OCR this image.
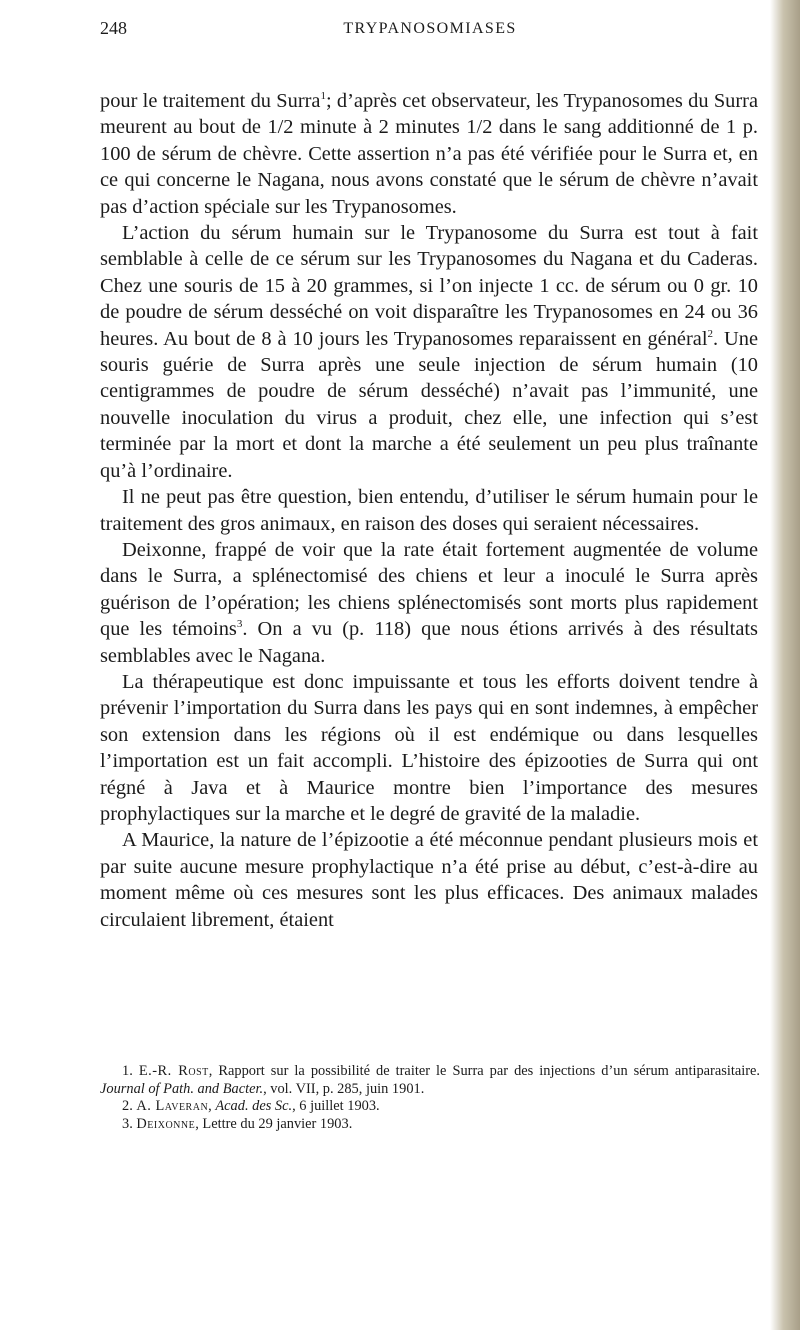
248	TRYPANOSOMIASES

pour le traitement du Surra$^1$; d’après cet observateur, les Trypanosomes du Surra meurent au bout de 1/2 minute à 2 minutes 1/2 dans le sang additionné de 1 p. 100 de sérum de chèvre. Cette assertion n’a pas été vérifiée pour le Surra et, en ce qui concerne le Nagana, nous avons constaté que le sérum de chèvre n’avait pas d’action spéciale sur les Trypanosomes.

L’action du sérum humain sur le Trypanosome du Surra est tout à fait semblable à celle de ce sérum sur les Trypanosomes du Nagana et du Caderas. Chez une souris de 15 à 20 grammes, si l’on injecte 1 cc. de sérum ou 0 gr. 10 de poudre de sérum desséché on voit disparaître les Trypanosomes en 24 ou 36 heures. Au bout de 8 à 10 jours les Trypanosomes reparaissent en général$^2$. Une souris guérie de Surra après une seule injection de sérum humain (10 centigrammes de poudre de sérum desséché) n’avait pas l’immunité, une nouvelle inoculation du virus a produit, chez elle, une infection qui s’est terminée par la mort et dont la marche a été seulement un peu plus traînante qu’à l’ordinaire.

Il ne peut pas être question, bien entendu, d’utiliser le sérum humain pour le traitement des gros animaux, en raison des doses qui seraient nécessaires.

Deixonne, frappé de voir que la rate était fortement augmentée de volume dans le Surra, a splénectomisé des chiens et leur a inoculé le Surra après guérison de l’opération; les chiens splénectomisés sont morts plus rapidement que les témoins$^3$. On a vu (p. 118) que nous étions arrivés à des résultats semblables avec le Nagana.

La thérapeutique est donc impuissante et tous les efforts doivent tendre à prévenir l’importation du Surra dans les pays qui en sont indemnes, à empêcher son extension dans les régions où il est endémique ou dans lesquelles l’importation est un fait accompli. L’histoire des épizooties de Surra qui ont régné à Java et à Maurice montre bien l’importance des mesures prophylactiques sur la marche et le degré de gravité de la maladie.

A Maurice, la nature de l’épizootie a été méconnue pendant plusieurs mois et par suite aucune mesure prophylactique n’a été prise au début, c’est-à-dire au moment même où ces mesures sont les plus efficaces. Des animaux malades circulaient librement, étaient

1. E.-R. Rost, Rapport sur la possibilité de traiter le Surra par des injections d’un sérum antiparasitaire. Journal of Path. and Bacter., vol. VII, p. 285, juin 1901.

2. A. Laveran, Acad. des Sc., 6 juillet 1903.

3. Deixonne, Lettre du 29 janvier 1903.
